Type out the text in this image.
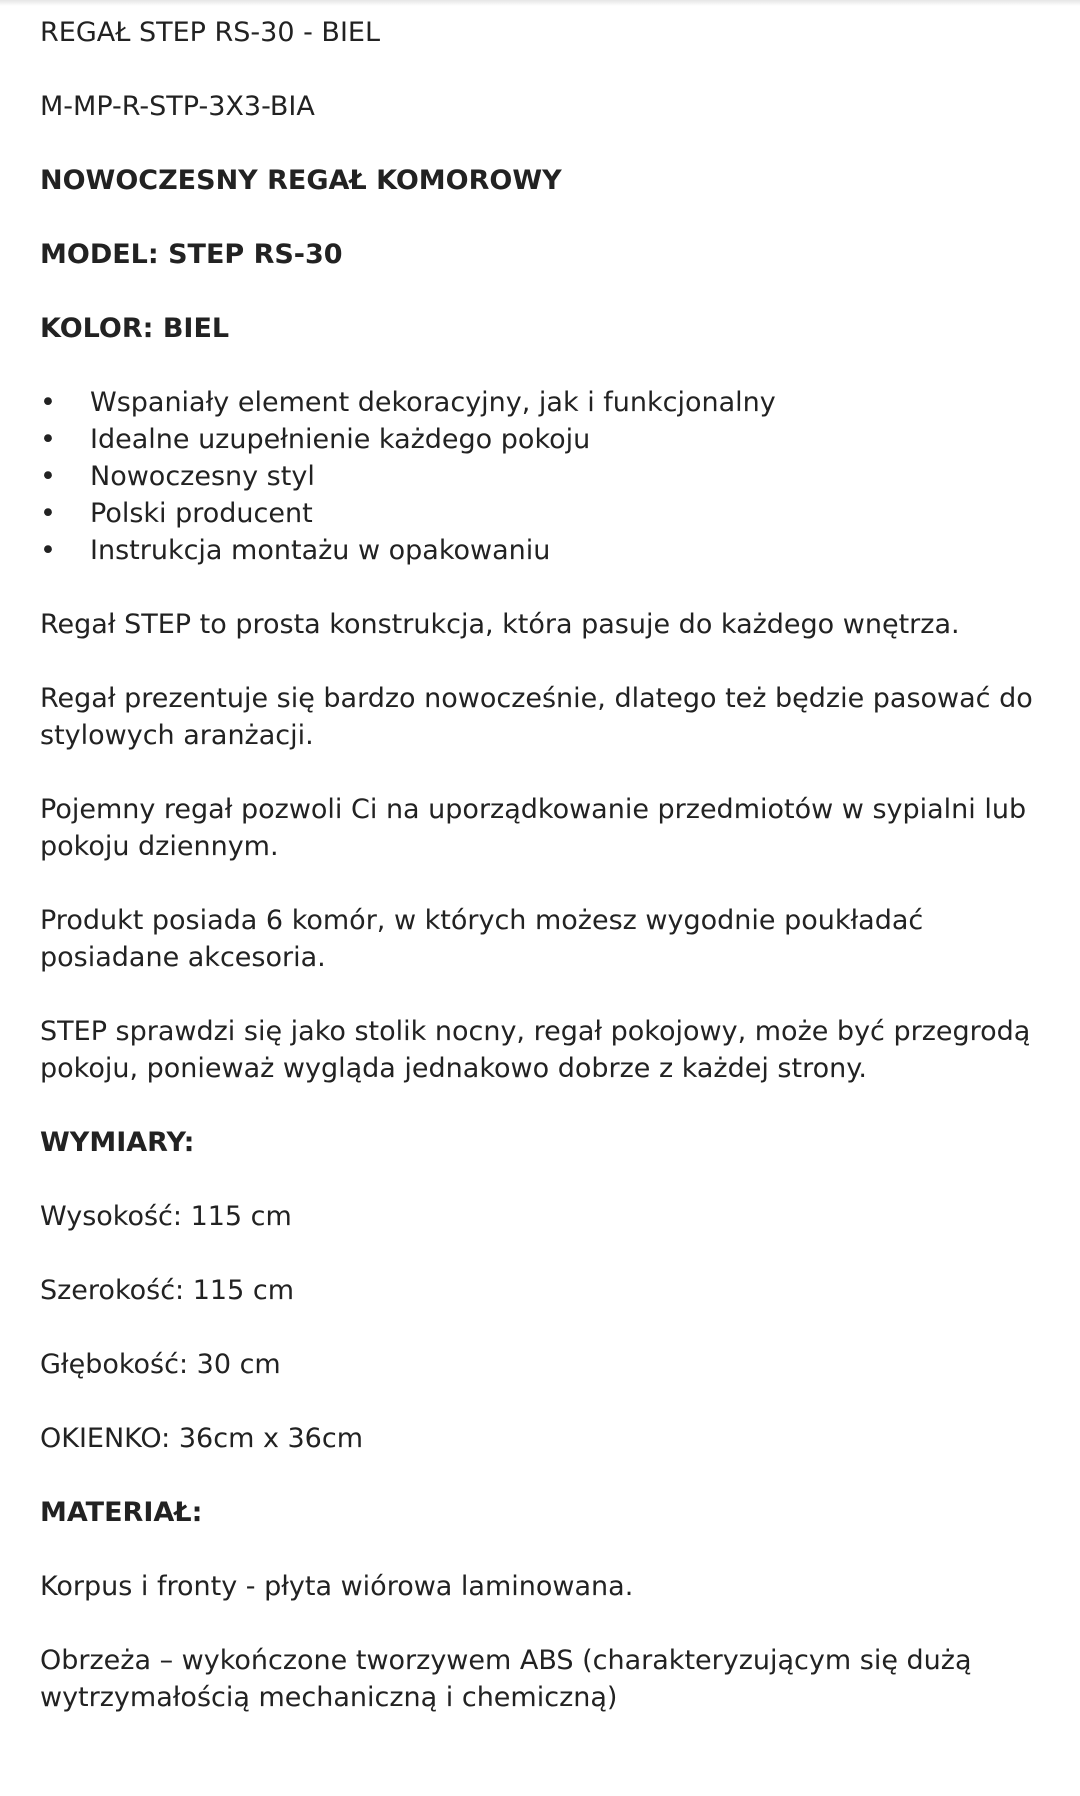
REGAŁ STEP RS-30 - BIEL

M-MP-R-STP-3X3-BIA

NOWOCZESNY REGAŁ KOMOROWY

MODEL: STEP RS-30

KOLOR: BIEL

• Wspaniały element dekoracyjny, jak i funkcjonalny
• Idealne uzupełnienie każdego pokoju
• Nowoczesny styl
• Polski producent
• Instrukcja montażu w opakowaniu

Regał STEP to prosta konstrukcja, która pasuje do każdego wnętrza.

Regał prezentuje się bardzo nowocześnie, dlatego też będzie pasować do stylowych aranżacji.

Pojemny regał pozwoli Ci na uporządkowanie przedmiotów w sypialni lub pokoju dziennym.

Produkt posiada 6 komór, w których możesz wygodnie poukładać posiadane akcesoria.

STEP sprawdzi się jako stolik nocny, regał pokojowy, może być przegrodą pokoju, ponieważ wygląda jednakowo dobrze z każdej strony.

WYMIARY:

Wysokość: 115 cm

Szerokość: 115 cm

Głębokość: 30 cm

OKIENKO: 36cm x 36cm

MATERIAŁ:

Korpus i fronty - płyta wiórowa laminowana.

Obrzeża – wykończone tworzywem ABS (charakteryzującym się dużą wytrzymałością mechaniczną i chemiczną)
